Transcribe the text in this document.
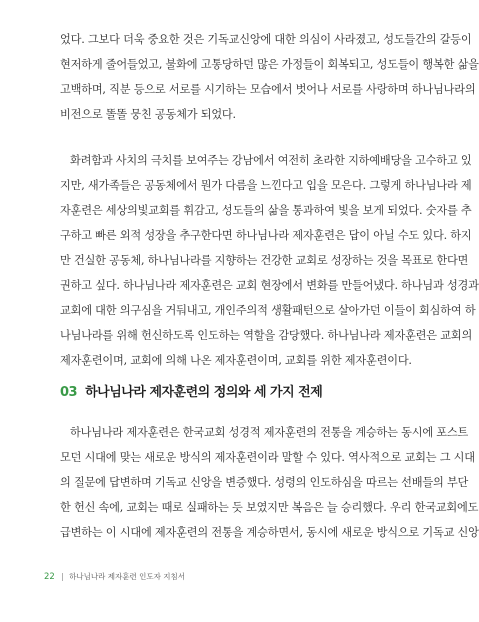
었다. 그보다 더욱 중요한 것은 기독교신앙에 대한 의심이 사라졌고, 성도들간의 갈등이
현저하게 줄어들었고, 불화에 고통당하던 많은 가정들이 회복되고, 성도들이 행복한 삶을
고백하며, 직분 등으로 서로를 시기하는 모습에서 벗어나 서로를 사랑하며 하나님나라의
비전으로 똘똘 뭉친 공동체가 되었다.
화려함과 사치의 극치를 보여주는 강남에서 여전히 초라한 지하예배당을 고수하고 있
지만, 새가족들은 공동체에서 뭔가 다름을 느낀다고 입을 모은다. 그렇게 하나님나라 제
자훈련은 세상의빛교회를 휘감고, 성도들의 삶을 통과하여 빛을 보게 되었다. 숫자를 추
구하고 빠른 외적 성장을 추구한다면 하나님나라 제자훈련은 답이 아닐 수도 있다. 하지
만 건실한 공동체, 하나님나라를 지향하는 건강한 교회로 성장하는 것을 목표로 한다면
권하고 싶다. 하나님나라 제자훈련은 교회 현장에서 변화를 만들어냈다. 하나님과 성경과
교회에 대한 의구심을 거둬내고, 개인주의적 생활패턴으로 살아가던 이들이 회심하여 하
나님나라를 위해 헌신하도록 인도하는 역할을 감당했다. 하나님나라 제자훈련은 교회의
제자훈련이며, 교회에 의해 나온 제자훈련이며, 교회를 위한 제자훈련이다.
03 하나님나라 제자훈련의 정의와 세 가지 전제
하나님나라 제자훈련은 한국교회 성경적 제자훈련의 전통을 계승하는 동시에 포스트
모던 시대에 맞는 새로운 방식의 제자훈련이라 말할 수 있다. 역사적으로 교회는 그 시대
의 질문에 답변하며 기독교 신앙을 변증했다. 성령의 인도하심을 따르는 선배들의 부단
한 헌신 속에, 교회는 때로 실패하는 듯 보였지만 복음은 늘 승리했다. 우리 한국교회에도
급변하는 이 시대에 제자훈련의 전통을 계승하면서, 동시에 새로운 방식으로 기독교 신앙
22 | 하나님나라 제자훈련 인도자 지침서
